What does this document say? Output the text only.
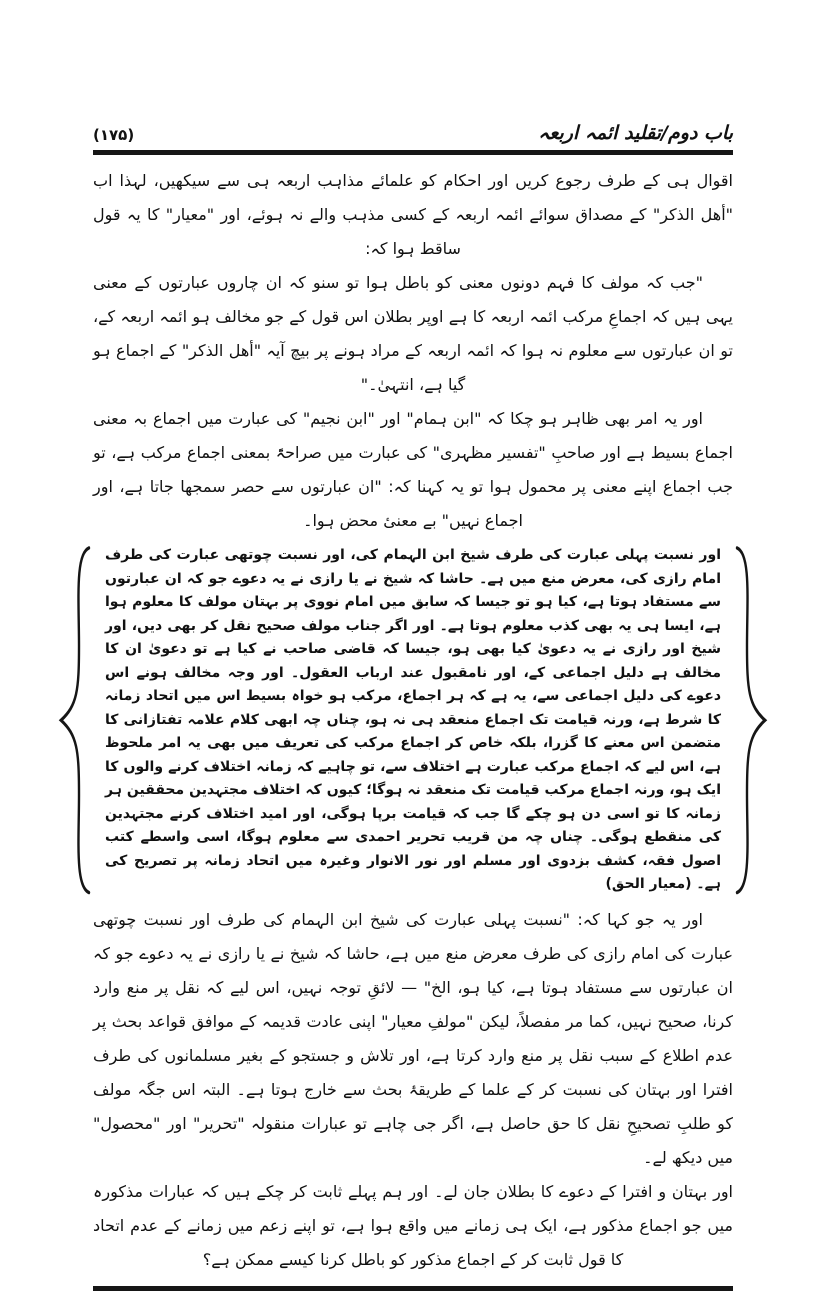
باب دوم/تقلید ائمہ اربعہ
(۱۷۵)

اقوال ہی کے طرف رجوع کریں اور احکام کو علمائے مذاہب اربعہ ہی سے سیکھیں، لہذا اب "أهل الذكر" کے مصداق سوائے ائمہ اربعہ کے کسی مذہب والے نہ ہوئے، اور "معیار" کا یہ قول ساقط ہوا کہ:

"جب کہ مولف کا فہم دونوں معنی کو باطل ہوا تو سنو کہ ان چاروں عبارتوں کے معنی یہی ہیں کہ اجماعِ مرکب ائمہ اربعہ کا ہے اوپر بطلان اس قول کے جو مخالف ہو ائمہ اربعہ کے، تو ان عبارتوں سے معلوم نہ ہوا کہ ائمہ اربعہ کے مراد ہونے پر بیچ آیہ "أهل الذكر" کے اجماع ہو گیا ہے، انتہیٰ۔"

اور یہ امر بھی ظاہر ہو چکا کہ "ابن ہمام" اور "ابن نجیم" کی عبارت میں اجماع بہ معنی اجماع بسیط ہے اور صاحبِ "تفسیر مظہری" کی عبارت میں صراحۃً بمعنی اجماع مرکب ہے، تو جب اجماع اپنے معنی پر محمول ہوا تو یہ کہنا کہ: "ان عبارتوں سے حصر سمجھا جاتا ہے، اور اجماع نہیں" بے معنیٔ محض ہوا۔

اور نسبت پہلی عبارت کی طرف شیخ ابن الہمام کی، اور نسبت چوتھی عبارت کی طرف امام رازی کی، معرض منع میں ہے۔ حاشا کہ شیخ نے یا رازی نے یہ دعوے جو کہ ان عبارتوں سے مستفاد ہوتا ہے، کیا ہو تو جیسا کہ سابق میں امام نووی پر بہتان مولف کا معلوم ہوا ہے، ایسا ہی یہ بھی کذب معلوم ہوتا ہے۔ اور اگر جناب مولف صحیح نقل کر بھی دیں، اور شیخ اور رازی نے یہ دعویٰ کیا بھی ہو، جیسا کہ قاضی صاحب نے کیا ہے تو دعویٰ ان کا مخالف ہے دلیل اجماعی کے، اور نامقبول عند ارباب العقول۔ اور وجہ مخالف ہونے اس دعوے کی دلیل اجماعی سے، یہ ہے کہ ہر اجماع، مرکب ہو خواہ بسیط اس میں اتحاد زمانہ کا شرط ہے، ورنہ قیامت تک اجماع منعقد ہی نہ ہو، چناں چہ ابھی کلام علامہ تفتازانی کا متضمن اس معنے کا گزرا، بلکہ خاص کر اجماع مرکب کی تعریف میں بھی یہ امر ملحوظ ہے، اس لیے کہ اجماع مرکب عبارت ہے اختلاف سے، تو چاہیے کہ زمانہ اختلاف کرنے والوں کا ایک ہو، ورنہ اجماع مرکب قیامت تک منعقد نہ ہوگا؛ کیوں کہ اختلاف مجتہدین محققین ہر زمانہ کا تو اسی دن ہو چکے گا جب کہ قیامت برپا ہوگی، اور امید اختلاف کرنے مجتہدین کی منقطع ہوگی۔ چناں چہ من قریب تحریر احمدی سے معلوم ہوگا، اسی واسطے کتب اصول فقہ، کشف بزدوی اور مسلم اور نور الانوار وغیرہ میں اتحاد زمانہ پر تصریح کی ہے۔ (معیار الحق)

اور یہ جو کہا کہ: "نسبت پہلی عبارت کی شیخ ابن الہمام کی طرف اور نسبت چوتھی عبارت کی امام رازی کی طرف معرض منع میں ہے، حاشا کہ شیخ نے یا رازی نے یہ دعوے جو کہ ان عبارتوں سے مستفاد ہوتا ہے، کیا ہو، الخ" — لائقِ توجہ نہیں، اس لیے کہ نقل پر منع وارد کرنا، صحیح نہیں، کما مر مفصلاً، لیکن "مولفِ معیار" اپنی عادت قدیمہ کے موافق قواعد بحث پر عدم اطلاع کے سبب نقل پر منع وارد کرتا ہے، اور تلاش و جستجو کے بغیر مسلمانوں کی طرف افترا اور بہتان کی نسبت کر کے علما کے طریقۂ بحث سے خارج ہوتا ہے۔ البتہ اس جگہ مولف کو طلبِ تصحیحِ نقل کا حق حاصل ہے، اگر جی چاہے تو عبارات منقولہ "تحریر" اور "محصول" میں دیکھ لے۔

اور بہتان و افترا کے دعوے کا بطلان جان لے۔ اور ہم پہلے ثابت کر چکے ہیں کہ عبارات مذکورہ میں جو اجماع مذکور ہے، ایک ہی زمانے میں واقع ہوا ہے، تو اپنے زعم میں زمانے کے عدم اتحاد کا قول ثابت کر کے اجماع مذکور کو باطل کرنا کیسے ممکن ہے؟
